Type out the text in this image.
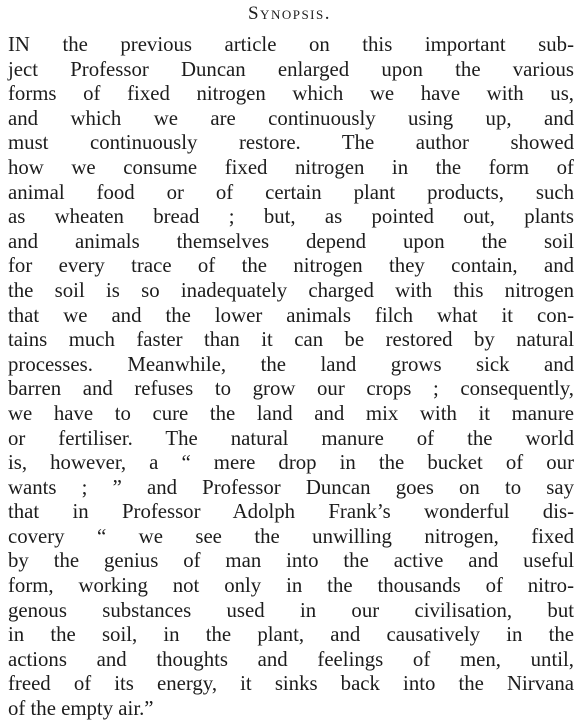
Synopsis.
IN the previous article on this important sub-
ject Professor Duncan enlarged upon the various
forms of fixed nitrogen which we have with us,
and which we are continuously using up, and
must continuously restore. The author showed
how we consume fixed nitrogen in the form of
animal food or of certain plant products, such
as wheaten bread ; but, as pointed out, plants
and animals themselves depend upon the soil
for every trace of the nitrogen they contain, and
the soil is so inadequately charged with this nitrogen
that we and the lower animals filch what it con-
tains much faster than it can be restored by natural
processes. Meanwhile, the land grows sick and
barren and refuses to grow our crops ; consequently,
we have to cure the land and mix with it manure
or fertiliser. The natural manure of the world
is, however, a “ mere drop in the bucket of our
wants ; ” and Professor Duncan goes on to say
that in Professor Adolph Frank’s wonderful dis-
covery “ we see the unwilling nitrogen, fixed
by the genius of man into the active and useful
form, working not only in the thousands of nitro-
genous substances used in our civilisation, but
in the soil, in the plant, and causatively in the
actions and thoughts and feelings of men, until,
freed of its energy, it sinks back into the Nirvana
of the empty air.”
